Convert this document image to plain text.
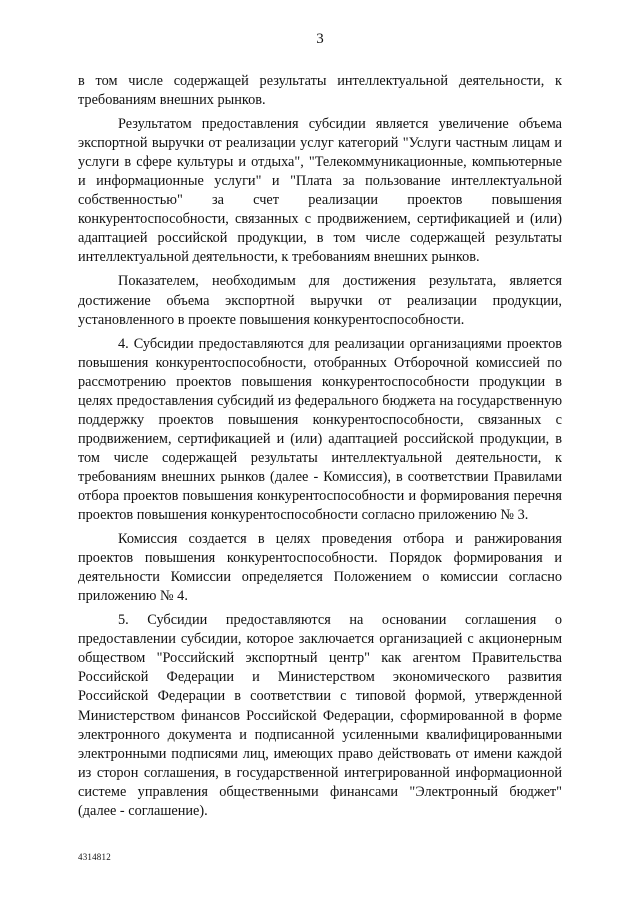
3

в том числе содержащей результаты интеллектуальной деятельности, к требованиям внешних рынков.

Результатом предоставления субсидии является увеличение объема экспортной выручки от реализации услуг категорий "Услуги частным лицам и услуги в сфере культуры и отдыха", "Телекоммуникационные, компьютерные и информационные услуги" и "Плата за пользование интеллектуальной собственностью" за счет реализации проектов повышения конкурентоспособности, связанных с продвижением, сертификацией и (или) адаптацией российской продукции, в том числе содержащей результаты интеллектуальной деятельности, к требованиям внешних рынков.

Показателем, необходимым для достижения результата, является достижение объема экспортной выручки от реализации продукции, установленного в проекте повышения конкурентоспособности.

4. Субсидии предоставляются для реализации организациями проектов повышения конкурентоспособности, отобранных Отборочной комиссией по рассмотрению проектов повышения конкурентоспособности продукции в целях предоставления субсидий из федерального бюджета на государственную поддержку проектов повышения конкурентоспособности, связанных с продвижением, сертификацией и (или) адаптацией российской продукции, в том числе содержащей результаты интеллектуальной деятельности, к требованиям внешних рынков (далее - Комиссия), в соответствии Правилами отбора проектов повышения конкурентоспособности и формирования перечня проектов повышения конкурентоспособности согласно приложению № 3.

Комиссия создается в целях проведения отбора и ранжирования проектов повышения конкурентоспособности. Порядок формирования и деятельности Комиссии определяется Положением о комиссии согласно приложению № 4.

5. Субсидии предоставляются на основании соглашения о предоставлении субсидии, которое заключается организацией с акционерным обществом "Российский экспортный центр" как агентом Правительства Российской Федерации и Министерством экономического развития Российской Федерации в соответствии с типовой формой, утвержденной Министерством финансов Российской Федерации, сформированной в форме электронного документа и подписанной усиленными квалифицированными электронными подписями лиц, имеющих право действовать от имени каждой из сторон соглашения, в государственной интегрированной информационной системе управления общественными финансами "Электронный бюджет" (далее - соглашение).

4314812
